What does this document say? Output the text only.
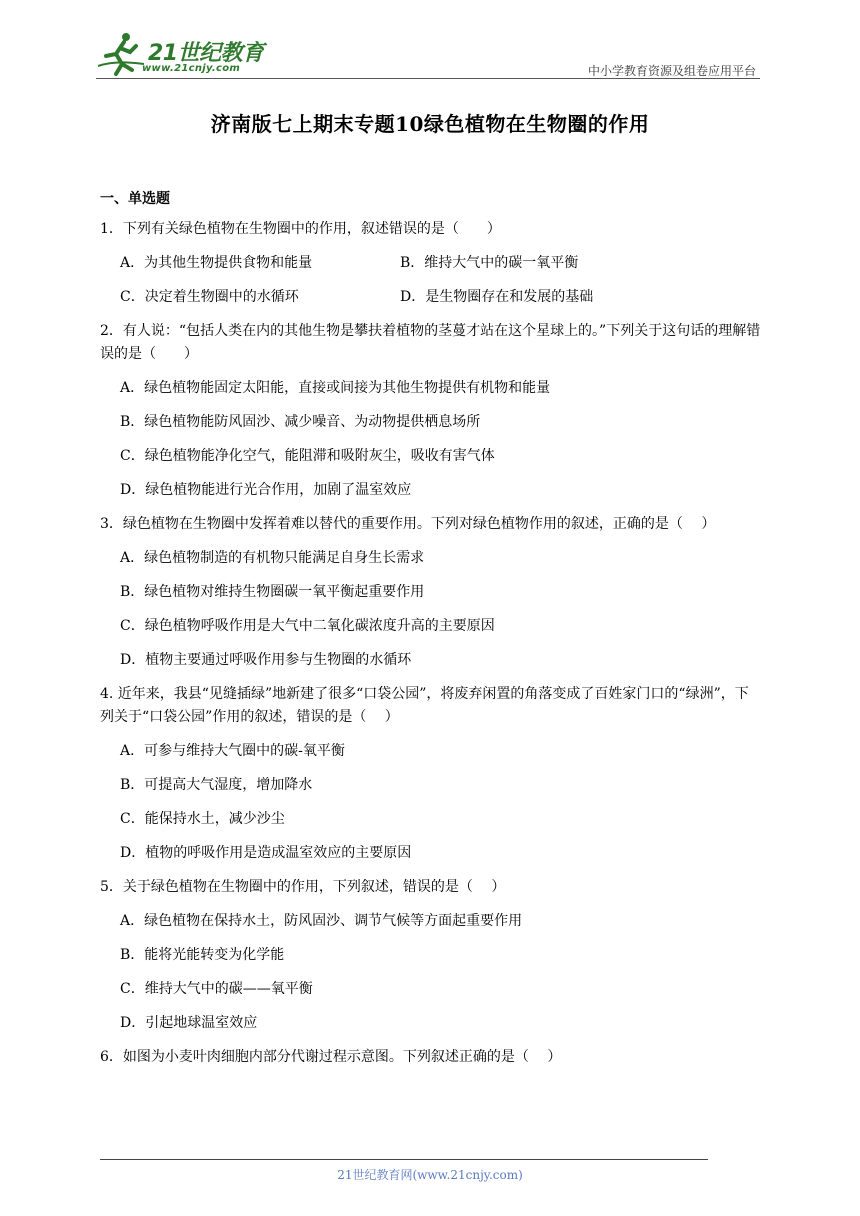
21世纪教育
www.21cnjy.com	中小学教育资源及组卷应用平台
济南版七上期末专题10绿色植物在生物圈的作用
一、单选题
1．下列有关绿色植物在生物圈中的作用，叙述错误的是（　　）
A．为其他生物提供食物和能量	B．维持大气中的碳一氧平衡
C．决定着生物圈中的水循环	D．是生物圈存在和发展的基础
2．有人说：“包括人类在内的其他生物是攀扶着植物的茎蔓才站在这个星球上的。”下列关于这句话的理解错误的是（　　）
A．绿色植物能固定太阳能，直接或间接为其他生物提供有机物和能量
B．绿色植物能防风固沙、减少噪音、为动物提供栖息场所
C．绿色植物能净化空气，能阻滞和吸附灰尘，吸收有害气体
D．绿色植物能进行光合作用，加剧了温室效应
3．绿色植物在生物圈中发挥着难以替代的重要作用。下列对绿色植物作用的叙述，正确的是（　 ）
A．绿色植物制造的有机物只能满足自身生长需求
B．绿色植物对维持生物圈碳一氧平衡起重要作用
C．绿色植物呼吸作用是大气中二氧化碳浓度升高的主要原因
D．植物主要通过呼吸作用参与生物圈的水循环
4. 近年来，我县“见缝插绿”地新建了很多“口袋公园”，将废弃闲置的角落变成了百姓家门口的“绿洲”，下列关于“口袋公园”作用的叙述，错误的是（　 ）
A．可参与维持大气圈中的碳-氧平衡
B．可提高大气湿度，增加降水
C．能保持水土，减少沙尘
D．植物的呼吸作用是造成温室效应的主要原因
5．关于绿色植物在生物圈中的作用，下列叙述，错误的是（　 ）
A．绿色植物在保持水土，防风固沙、调节气候等方面起重要作用
B．能将光能转变为化学能
C．维持大气中的碳——氧平衡
D．引起地球温室效应
6．如图为小麦叶肉细胞内部分代谢过程示意图。下列叙述正确的是（　 ）
21世纪教育网(www.21cnjy.com)
